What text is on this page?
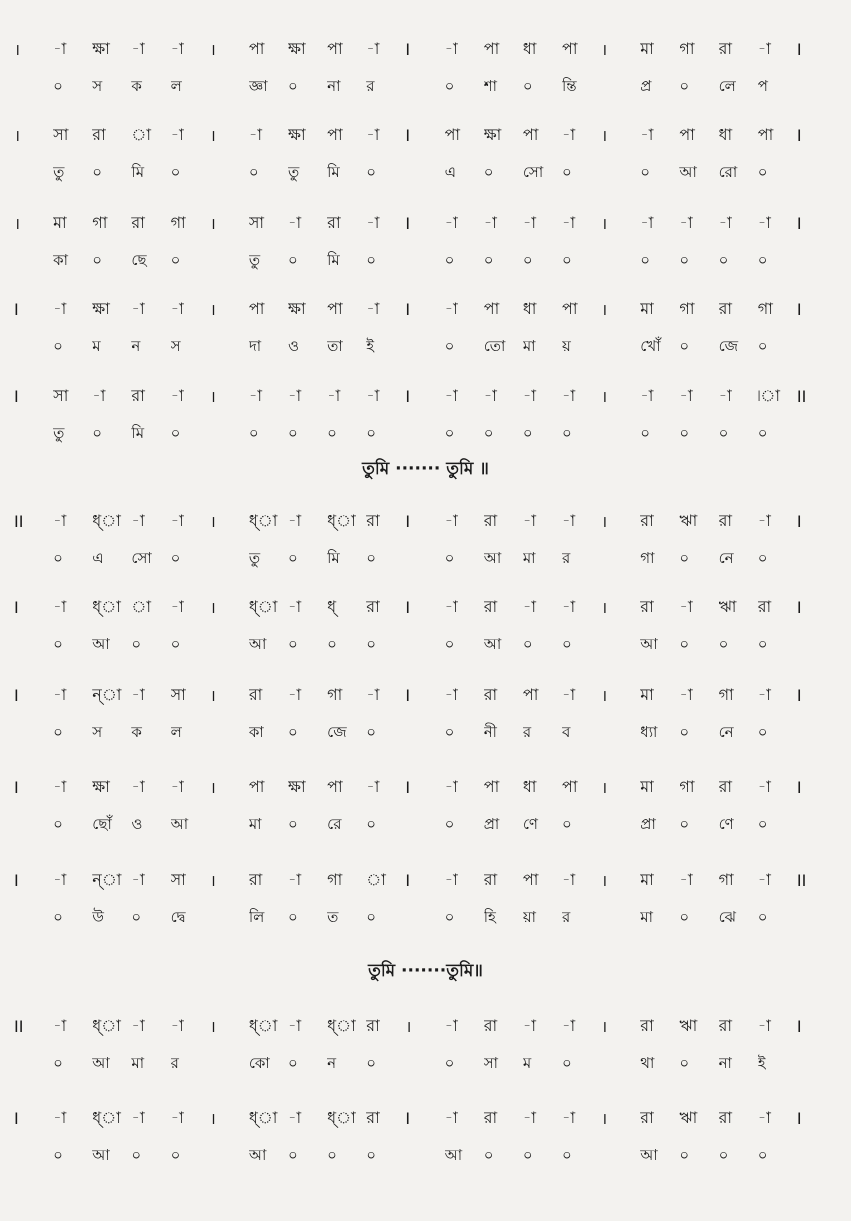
।	-া	ক্ষা	-া	-া	।	পা	ক্ষা	পা	-া	I	-া	পা	ধা	পা	।	মা	গা	রা	-া	I
০	স	ক	ল	জ্ঞা	০	না	র	০	শা	০	ন্তি	প্র	০	লে	প
।	সা	রা	া	-া	।	-া	ক্ষা	পা	-া	I	পা	ক্ষা	পা	-া	।	-া	পা	ধা	পা	I
তু	০	মি	০	০	তু	মি	০	এ	০	সো	০	০	আ	রো	০
।	মা	গা	রা	গা	।	সা	-া	রা	-া	I	-া	-া	-া	-া	।	-া	-া	-া	-া	I
কা	০	ছে	০	তু	০	মি	০	০	০	০	০	০	০	০	০
I	-া	ক্ষা	-া	-া	।	পা	ক্ষা	পা	-া	I	-া	পা	ধা	পা	।	মা	গা	রা	গা	I
০	ম	ন	স	দা	ও	তা	ই	০	তো	মা	য়	খোঁ	০	জে	০
I	সা	-া	রা	-া	।	-া	-া	-া	-া	I	-া	-া	-া	-া	।	-া	-া	-া	৷া	II
তু	০	মি	০	০	০	০	০	০	০	০	০	০	০	০	০
তুমি ······· তুমি ॥
II	-া	ধ্‌া -া	-া	।	ধ্‌া -া	ধ্‌া রা	I	-া	রা	-া	-া	।	রা	ঋা	রা	-া	I
০	এ	সো	০	তু	০	মি	০	০	আ	মা	র	গা	০	নে	০
I	-া	ধ্‌া া	-া	।	ধ্‌া -া	ধ্‌	রা	I	-া	রা	-া	-া	।	রা	-া	ঋা	রা	I
০	আ	০	০	আ	০	০	০	০	আ	০	০	আ	০	০	০
I	-া	ন্‌া -া	সা	।	রা	-া	গা	-া	I	-া	রা	পা	-া	।	মা	-া	গা	-া	I
০	স	ক	ল	কা	০	জে	০	০	নী	র	ব	ধ্যা	০	নে	০
I	-া	ক্ষা	-া	-া	।	পা	ক্ষা	পা	-া	I	-া	পা	ধা	পা	।	মা	গা	রা	-া	I
০	ছোঁ	ও	আ	মা	০	রে	০	০	প্রা	ণে	০	প্রা	০	ণে	০
I	-া	ন্‌া -া	সা	।	রা	-া	গা	া	I	-া	রা	পা	-া	।	মা	-া	গা	-া	II
০	উ	০	দ্বে	লি	০	ত	০	০	হি	য়া	র	মা	০	ঝে	০
তুমি ·······তুমি॥
II	-া	ধ্‌া -া	-া	।	ধ্‌া -া	ধ্‌া রা	।	-া	রা	-া	-া	।	রা	ঋা	রা	-া	I
০	আ	মা	র	কো	০	ন	০	০	সা	ম	০	থা	০	না	ই
I	-া	ধ্‌া -া	-া	।	ধ্‌া -া	ধ্‌া রা	I	-া	রা	-া	-া	।	রা	ঋা	রা	-া	I
০	আ	০	০	আ	০	০	০	আ	০	০	০	আ	০	০	০
